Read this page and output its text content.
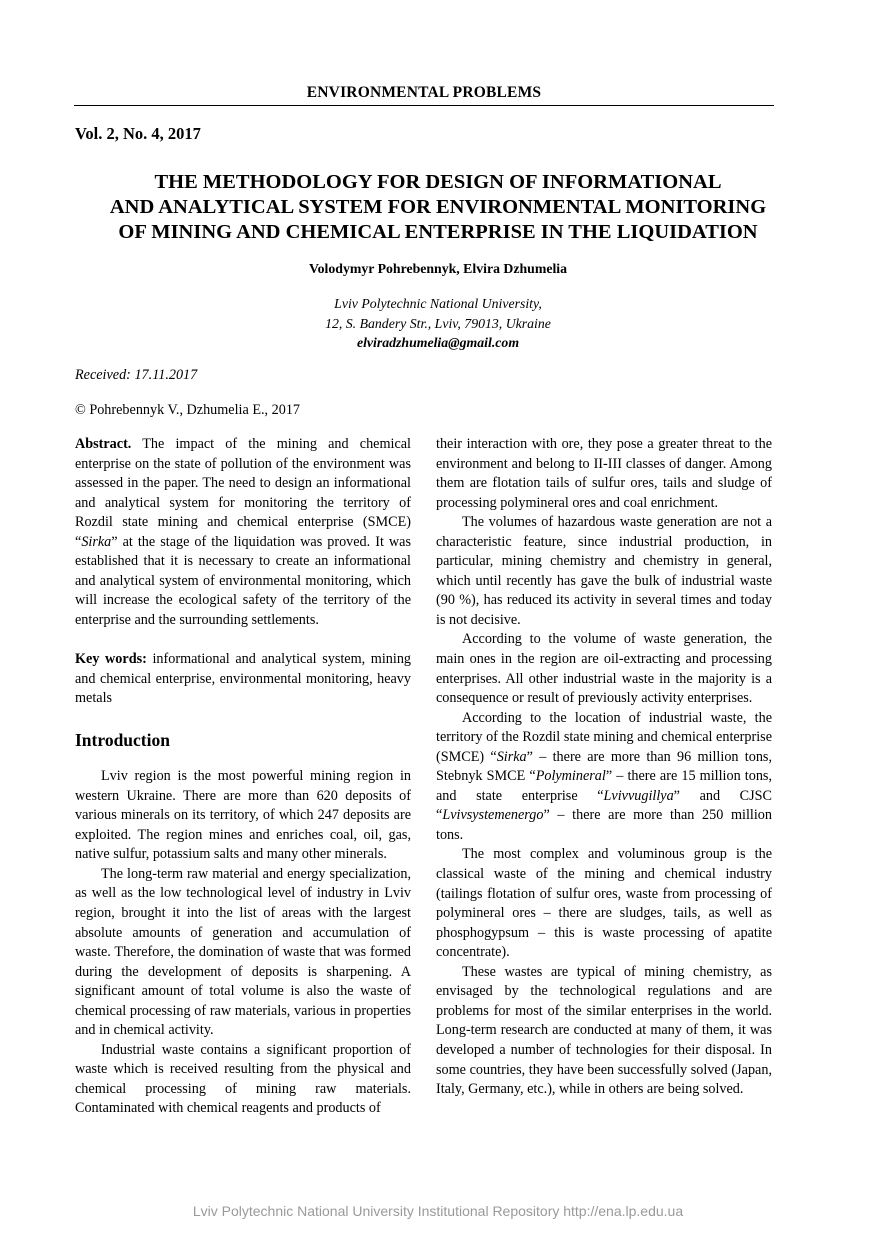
ENVIRONMENTAL PROBLEMS
Vol. 2, No. 4, 2017
THE METHODOLOGY FOR DESIGN OF INFORMATIONAL
AND ANALYTICAL SYSTEM FOR ENVIRONMENTAL MONITORING
OF MINING AND CHEMICAL ENTERPRISE IN THE LIQUIDATION
Volodymyr Pohrebennyk, Elvira Dzhumelia
Lviv Polytechnic National University,
12, S. Bandery Str., Lviv, 79013, Ukraine
elviradzhumelia@gmail.com
Received: 17.11.2017
© Pohrebennyk V., Dzhumelia E., 2017

Abstract. The impact of the mining and chemical enterprise on the state of pollution of the environment was assessed in the paper. The need to design an informational and analytical system for monitoring the territory of Rozdil state mining and chemical enterprise (SMCE) “Sirka” at the stage of the liquidation was proved. It was established that it is necessary to create an informational and analytical system of environmental monitoring, which will increase the ecological safety of the territory of the enterprise and the surrounding settlements.

Key words: informational and analytical system, mining and chemical enterprise, environmental monitoring, heavy metals

Introduction

Lviv region is the most powerful mining region in western Ukraine. There are more than 620 deposits of various minerals on its territory, of which 247 deposits are exploited. The region mines and enriches coal, oil, gas, native sulfur, potassium salts and many other minerals.

The long-term raw material and energy specialization, as well as the low technological level of industry in Lviv region, brought it into the list of areas with the largest absolute amounts of generation and accumulation of waste. Therefore, the domination of waste that was formed during the development of deposits is sharpening. A significant amount of total volume is also the waste of chemical processing of raw materials, various in properties and in chemical activity.

Industrial waste contains a significant proportion of waste which is received resulting from the physical and chemical processing of mining raw materials. Contaminated with chemical reagents and products of

their interaction with ore, they pose a greater threat to the environment and belong to II-III classes of danger. Among them are flotation tails of sulfur ores, tails and sludge of processing polymineral ores and coal enrichment.

The volumes of hazardous waste generation are not a characteristic feature, since industrial production, in particular, mining chemistry and chemistry in general, which until recently has gave the bulk of industrial waste (90 %), has reduced its activity in several times and today is not decisive.

According to the volume of waste generation, the main ones in the region are oil-extracting and processing enterprises. All other industrial waste in the majority is a consequence or result of previously activity enterprises.

According to the location of industrial waste, the territory of the Rozdil state mining and chemical enterprise (SMCE) “Sirka” – there are more than 96 million tons, Stebnyk SMCE “Polymineral” – there are 15 million tons, and state enterprise “Lvivvugillya” and CJSC “Lvivsystemenergo” – there are more than 250 million tons.

The most complex and voluminous group is the classical waste of the mining and chemical industry (tailings flotation of sulfur ores, waste from processing of polymineral ores – there are sludges, tails, as well as phosphogypsum – this is waste processing of apatite concentrate).

These wastes are typical of mining chemistry, as envisaged by the technological regulations and are problems for most of the similar enterprises in the world. Long-term research are conducted at many of them, it was developed a number of technologies for their disposal. In some countries, they have been successfully solved (Japan, Italy, Germany, etc.), while in others are being solved.

Lviv Polytechnic National University Institutional Repository http://ena.lp.edu.ua
